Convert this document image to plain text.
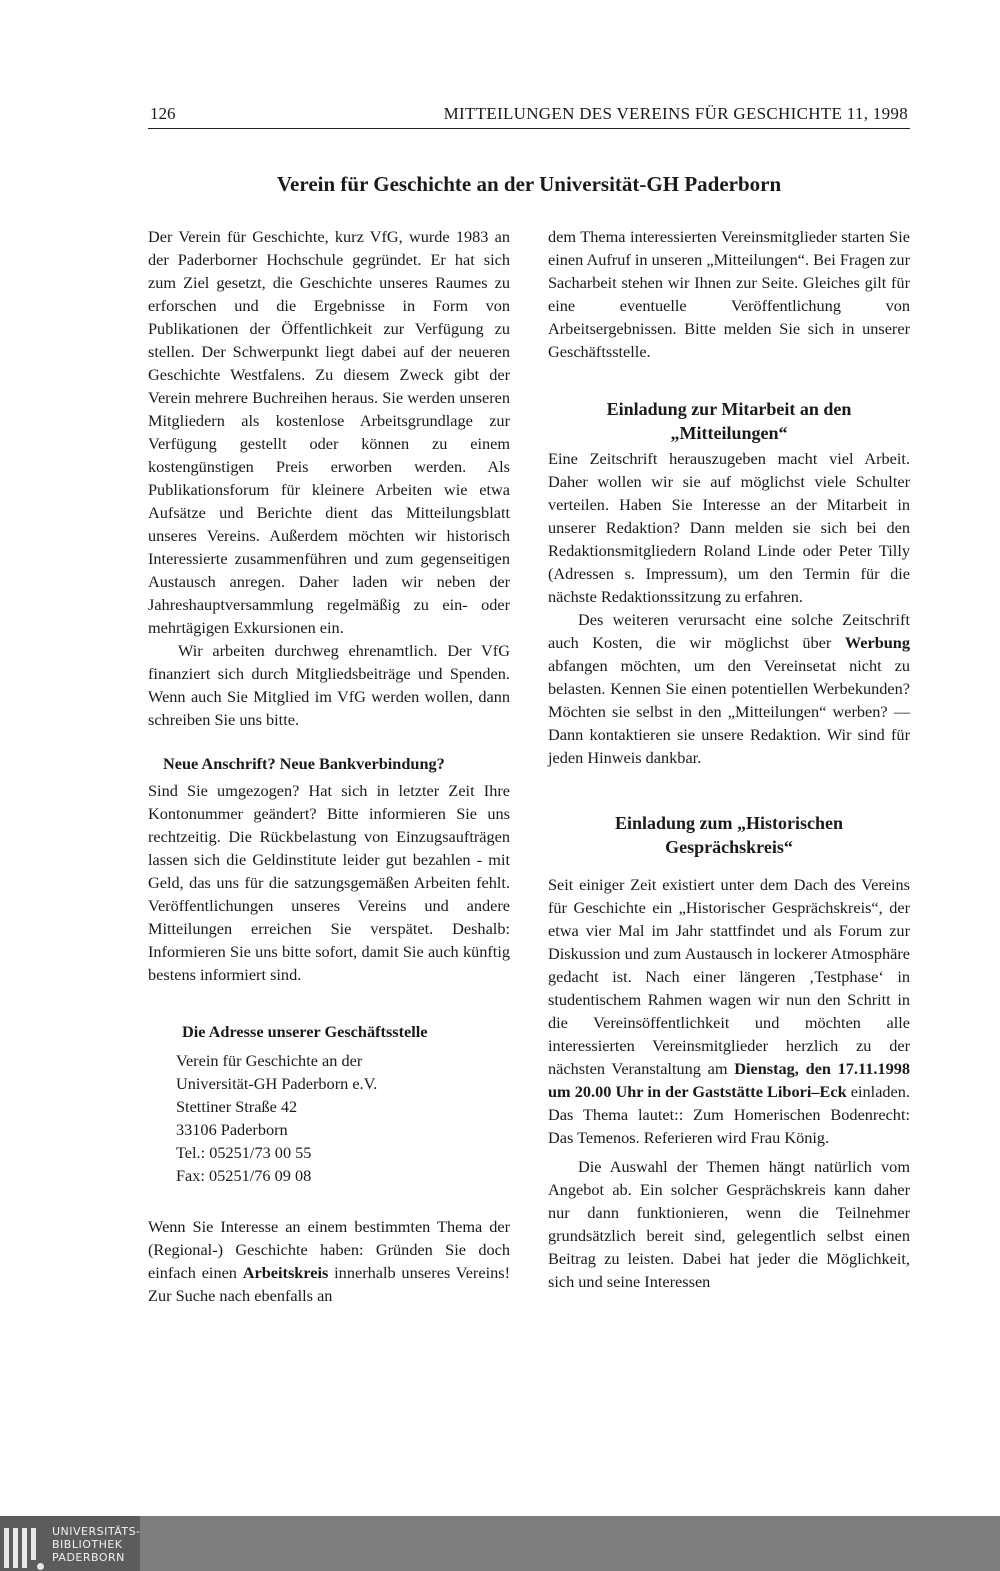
126	MITTEILUNGEN DES VEREINS FÜR GESCHICHTE 11, 1998
Verein für Geschichte an der Universität-GH Paderborn

Der Verein für Geschichte, kurz VfG, wurde 1983 an der Paderborner Hochschule gegründet. Er hat sich zum Ziel gesetzt, die Geschichte unseres Raumes zu erforschen und die Ergebnisse in Form von Publikationen der Öffentlichkeit zur Verfügung zu stellen. Der Schwerpunkt liegt dabei auf der neueren Geschichte Westfalens. Zu diesem Zweck gibt der Verein mehrere Buchreihen heraus. Sie werden unseren Mitgliedern als kostenlose Arbeitsgrundlage zur Verfügung gestellt oder können zu einem kostengünstigen Preis erworben werden. Als Publikationsforum für kleinere Arbeiten wie etwa Aufsätze und Berichte dient das Mitteilungsblatt unseres Vereins. Außerdem möchten wir historisch Interessierte zusammenführen und zum gegenseitigen Austausch anregen. Daher laden wir neben der Jahreshauptversammlung regelmäßig zu ein- oder mehrtägigen Exkursionen ein.

Wir arbeiten durchweg ehrenamtlich. Der VfG finanziert sich durch Mitgliedsbeiträge und Spenden. Wenn auch Sie Mitglied im VfG werden wollen, dann schreiben Sie uns bitte.

Neue Anschrift? Neue Bankverbindung?

Sind Sie umgezogen? Hat sich in letzter Zeit Ihre Kontonummer geändert? Bitte informieren Sie uns rechtzeitig. Die Rückbelastung von Einzugsaufträgen lassen sich die Geldinstitute leider gut bezahlen - mit Geld, das uns für die satzungsgemäßen Arbeiten fehlt. Veröffentlichungen unseres Vereins und andere Mitteilungen erreichen Sie verspätet. Deshalb: Informieren Sie uns bitte sofort, damit Sie auch künftig bestens informiert sind.

Die Adresse unserer Geschäftsstelle
Verein für Geschichte an der
Universität-GH Paderborn e.V.
Stettiner Straße 42
33106 Paderborn
Tel.: 05251/73 00 55
Fax: 05251/76 09 08

Wenn Sie Interesse an einem bestimmten Thema der (Regional-) Geschichte haben: Gründen Sie doch einfach einen Arbeitskreis innerhalb unseres Vereins! Zur Suche nach ebenfalls an

dem Thema interessierten Vereinsmitglieder starten Sie einen Aufruf in unseren „Mitteilungen“. Bei Fragen zur Sacharbeit stehen wir Ihnen zur Seite. Gleiches gilt für eine eventuelle Veröffentlichung von Arbeitsergebnissen. Bitte melden Sie sich in unserer Geschäftsstelle.

Einladung zur Mitarbeit an den
„Mitteilungen“

Eine Zeitschrift herauszugeben macht viel Arbeit. Daher wollen wir sie auf möglichst viele Schulter verteilen. Haben Sie Interesse an der Mitarbeit in unserer Redaktion? Dann melden sie sich bei den Redaktionsmitgliedern Roland Linde oder Peter Tilly (Adressen s. Impressum), um den Termin für die nächste Redaktionssitzung zu erfahren.

Des weiteren verursacht eine solche Zeitschrift auch Kosten, die wir möglichst über Werbung abfangen möchten, um den Vereinsetat nicht zu belasten. Kennen Sie einen potentiellen Werbekunden? Möchten sie selbst in den „Mitteilungen“ werben? — Dann kontaktieren sie unsere Redaktion. Wir sind für jeden Hinweis dankbar.

Einladung zum „Historischen
Gesprächskreis“

Seit einiger Zeit existiert unter dem Dach des Vereins für Geschichte ein „Historischer Gesprächskreis“, der etwa vier Mal im Jahr stattfindet und als Forum zur Diskussion und zum Austausch in lockerer Atmosphäre gedacht ist. Nach einer längeren ‚Testphase‘ in studentischem Rahmen wagen wir nun den Schritt in die Vereinsöffentlichkeit und möchten alle interessierten Vereinsmitglieder herzlich zu der nächsten Veranstaltung am Dienstag, den 17.11.1998 um 20.00 Uhr in der Gaststätte Libori–Eck einladen. Das Thema lautet:: Zum Homerischen Bodenrecht: Das Temenos. Referieren wird Frau König.

Die Auswahl der Themen hängt natürlich vom Angebot ab. Ein solcher Gesprächskreis kann daher nur dann funktionieren, wenn die Teilnehmer grundsätzlich bereit sind, gelegentlich selbst einen Beitrag zu leisten. Dabei hat jeder die Möglichkeit, sich und seine Interessen

UNIVERSITÄTS-
BIBLIOTHEK
PADERBORN
